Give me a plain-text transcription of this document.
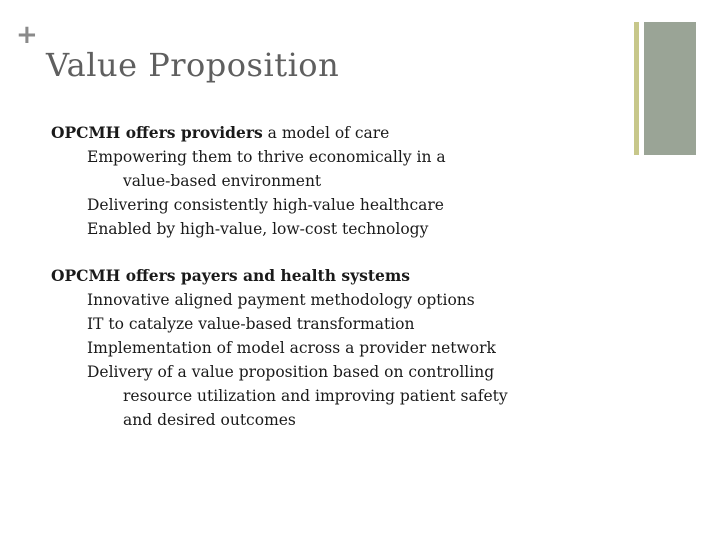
+
Value Proposition
OPCMH offers providers a model of care
Empowering them to thrive economically in a
value-based environment
Delivering consistently high-value healthcare
Enabled by high-value, low-cost technology
OPCMH offers payers and health systems
Innovative aligned payment methodology options
IT to catalyze value-based transformation
Implementation of model across a provider network
Delivery of a value proposition based on controlling
resource utilization and improving patient safety
and desired outcomes
